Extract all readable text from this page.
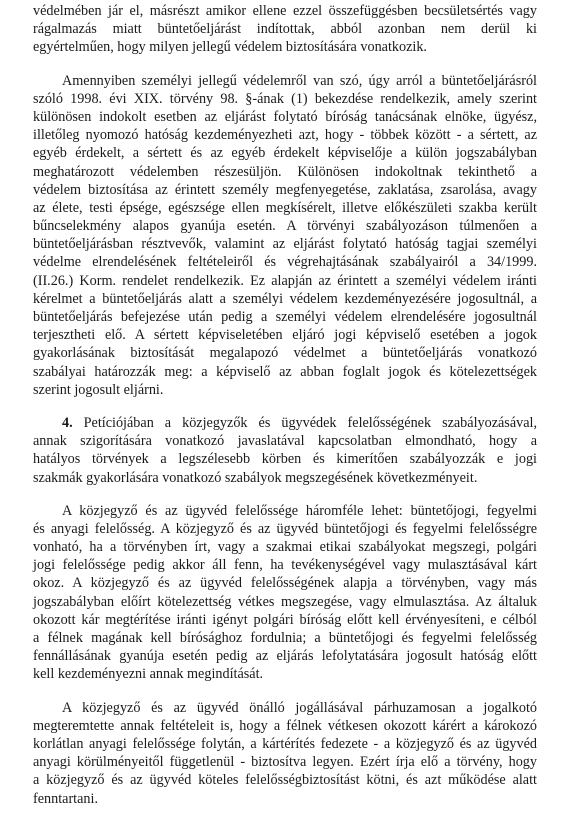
védelmében jár el, másrészt amikor ellene ezzel összefüggésben becsületsértés vagy
rágalmazás miatt büntetőeljárást indítottak, abból azonban nem derül ki
egyértelműen, hogy milyen jellegű védelem biztosítására vonatkozik.
Amennyiben személyi jellegű védelemről van szó, úgy arról a büntetőeljárásról
szóló 1998. évi XIX. törvény 98. §-ának (1) bekezdése rendelkezik, amely szerint
különösen indokolt esetben az eljárást folytató bíróság tanácsának elnöke, ügyész,
illetőleg nyomozó hatóság kezdeményezheti azt, hogy - többek között - a sértett, az
egyéb érdekelt, a sértett és az egyéb érdekelt képviselője a külön jogszabályban
meghatározott védelemben részesüljön. Különösen indokoltnak tekinthető a
védelem biztosítása az érintett személy megfenyegetése, zaklatása, zsarolása, avagy
az élete, testi épsége, egészsége ellen megkísérelt, illetve előkészületi szakba került
bűncselekmény alapos gyanúja esetén. A törvényi szabályozáson túlmenően a
büntetőeljárásban résztvevők, valamint az eljárást folytató hatóság tagjai személyi
védelme elrendelésének feltételeiről és végrehajtásának szabályairól a 34/1999.
(II.26.) Korm. rendelet rendelkezik. Ez alapján az érintett a személyi védelem iránti
kérelmet a büntetőeljárás alatt a személyi védelem kezdeményezésére jogosultnál, a
büntetőeljárás befejezése után pedig a személyi védelem elrendelésére jogosultnál
terjesztheti elő. A sértett képviseletében eljáró jogi képviselő esetében a jogok
gyakorlásának biztosítását megalapozó védelmet a büntetőeljárás vonatkozó
szabályai határozzák meg: a képviselő az abban foglalt jogok és kötelezettségek
szerint jogosult eljárni.
4. Petíciójában a közjegyzők és ügyvédek felelősségének szabályozásával,
annak szigorítására vonatkozó javaslatával kapcsolatban elmondható, hogy a
hatályos törvények a legszélesebb körben és kimerítően szabályozzák e jogi
szakmák gyakorlására vonatkozó szabályok megszegésének következményeit.
A közjegyző és az ügyvéd felelőssége háromféle lehet: büntetőjogi, fegyelmi
és anyagi felelősség. A közjegyző és az ügyvéd büntetőjogi és fegyelmi felelősségre
vonható, ha a törvényben írt, vagy a szakmai etikai szabályokat megszegi, polgári
jogi felelőssége pedig akkor áll fenn, ha tevékenységével vagy mulasztásával kárt
okoz. A közjegyző és az ügyvéd felelősségének alapja a törvényben, vagy más
jogszabályban előírt kötelezettség vétkes megszegése, vagy elmulasztása. Az általuk
okozott kár megtérítése iránti igényt polgári bíróság előtt kell érvényesíteni, e célból
a félnek magának kell bírósághoz fordulnia; a büntetőjogi és fegyelmi felelősség
fennállásának gyanúja esetén pedig az eljárás lefolytatására jogosult hatóság előtt
kell kezdeményezni annak megindítását.
A közjegyző és az ügyvéd önálló jogállásával párhuzamosan a jogalkotó
megteremtette annak feltételeit is, hogy a félnek vétkesen okozott kárért a károkozó
korlátlan anyagi felelőssége folytán, a kártérítés fedezete - a közjegyző és az ügyvéd
anyagi körülményeitől függetlenül - biztosítva legyen. Ezért írja elő a törvény, hogy
a közjegyző és az ügyvéd köteles felelősségbiztosítást kötni, és azt működése alatt
fenntartani.
